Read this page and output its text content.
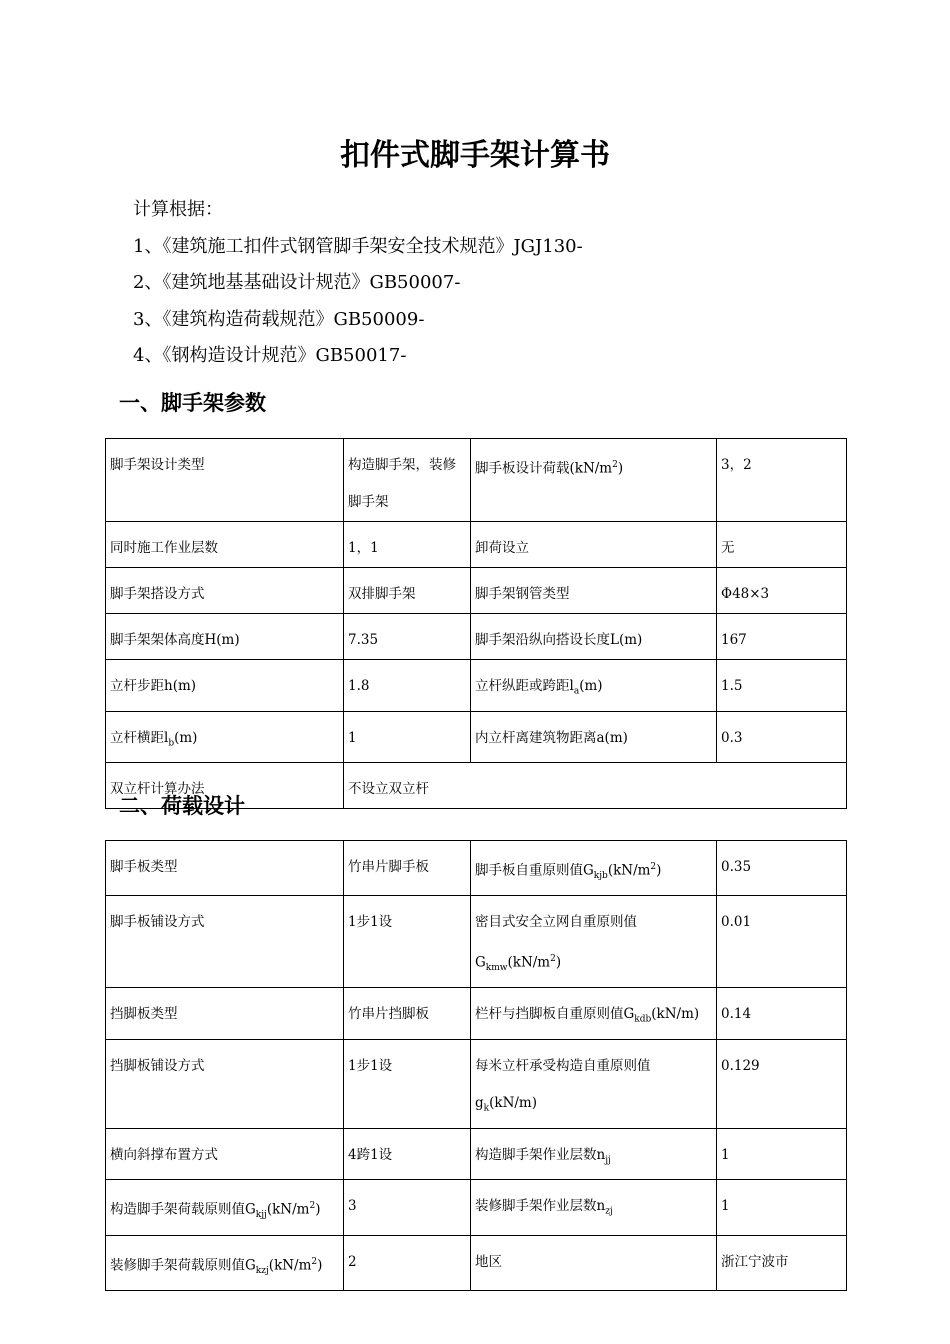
扣件式脚手架计算书
计算根据：
1、《建筑施工扣件式钢管脚手架安全技术规范》JGJ130-
2、《建筑地基基础设计规范》GB50007-
3、《建筑构造荷载规范》GB50009-
4、《钢构造设计规范》GB50017-
一、脚手架参数
脚手架设计类型	构造脚手架，装修脚手架	脚手板设计荷载$(kN/m^2)$	3，2
同时施工作业层数	1，1	卸荷设立	无
脚手架搭设方式	双排脚手架	脚手架钢管类型	Φ48×3
脚手架架体高度H(m)	7.35	脚手架沿纵向搭设长度L(m)	167
立杆步距h(m)	1.8	立杆纵距或跨距$l_a(m)$	1.5
立杆横距$l_b(m)$	1	内立杆离建筑物距离a(m)	0.3
双立杆计算办法	不设立双立杆		
二、荷载设计
脚手板类型	竹串片脚手板	脚手板自重原则值$G_{kjb}(kN/m^2)$	0.35
脚手板铺设方式	1步1设	密目式安全立网自重原则值
$G_{kmw}(kN/m^2)$	0.01
挡脚板类型	竹串片挡脚板	栏杆与挡脚板自重原则值$G_{kdb}(kN/m)$	0.14
挡脚板铺设方式	1步1设	每米立杆承受构造自重原则值
$g_k(kN/m)$	0.129
横向斜撑布置方式	4跨1设	构造脚手架作业层数$n_{jj}$	1
构造脚手架荷载原则值$G_{kjj}(kN/m^2)$	3	装修脚手架作业层数$n_{zj}$	1
装修脚手架荷载原则值$G_{kzj}(kN/m^2)$	2	地区	浙江宁波市
